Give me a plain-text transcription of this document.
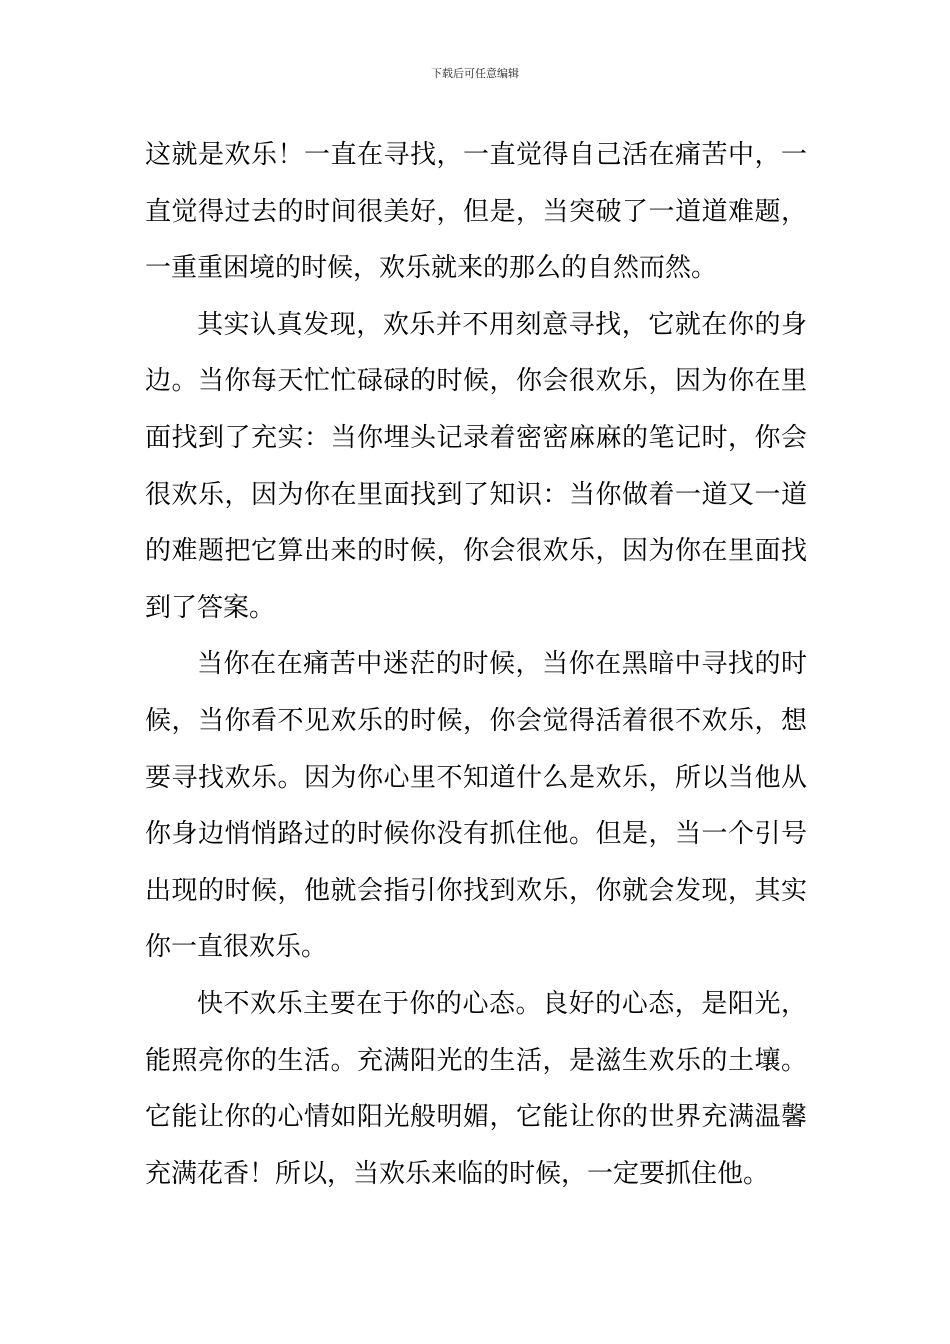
下载后可任意编辑

这就是欢乐！一直在寻找，一直觉得自己活在痛苦中，一直觉得过去的时间很美好，但是，当突破了一道道难题，一重重困境的时候，欢乐就来的那么的自然而然。

其实认真发现，欢乐并不用刻意寻找，它就在你的身边。当你每天忙忙碌碌的时候，你会很欢乐，因为你在里面找到了充实：当你埋头记录着密密麻麻的笔记时，你会很欢乐，因为你在里面找到了知识：当你做着一道又一道的难题把它算出来的时候，你会很欢乐，因为你在里面找到了答案。

当你在在痛苦中迷茫的时候，当你在黑暗中寻找的时候，当你看不见欢乐的时候，你会觉得活着很不欢乐，想要寻找欢乐。因为你心里不知道什么是欢乐，所以当他从你身边悄悄路过的时候你没有抓住他。但是，当一个引号出现的时候，他就会指引你找到欢乐，你就会发现，其实你一直很欢乐。

快不欢乐主要在于你的心态。良好的心态，是阳光，能照亮你的生活。充满阳光的生活，是滋生欢乐的土壤。它能让你的心情如阳光般明媚，它能让你的世界充满温馨充满花香！所以，当欢乐来临的时候，一定要抓住他。
